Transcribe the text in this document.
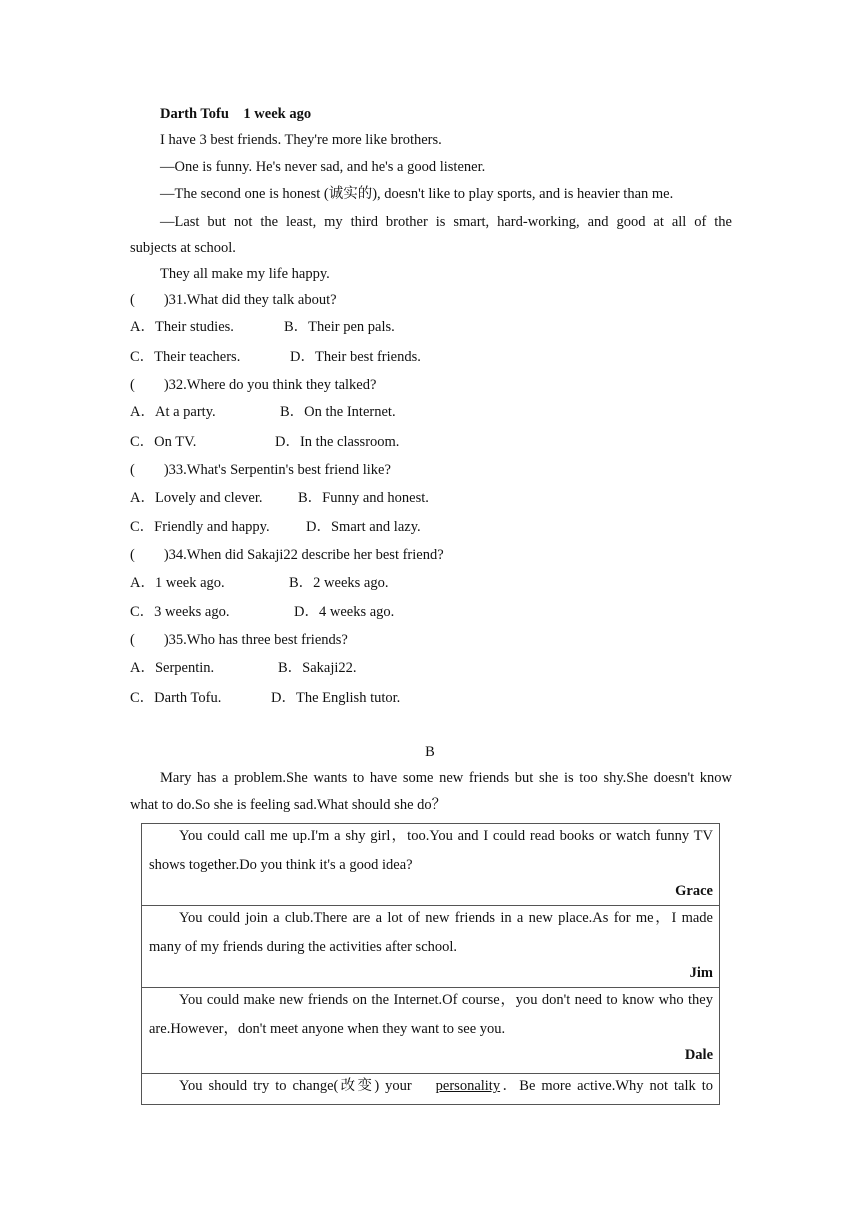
Darth Tofu 1 week ago
I have 3 best friends. They're more like brothers.
—One is funny. He's never sad, and he's a good listener.
—The second one is honest (诚实的), doesn't like to play sports, and is heavier than me.
—Last but not the least, my third brother is smart, hard-working, and good at all of the
subjects at school.
They all make my life happy.
(　　)31.What did they talk about?
A．Their studies.	B．Their pen pals.
C．Their teachers.	D．Their best friends.
(　　)32.Where do you think they talked?
A．At a party.	B．On the Internet.
C．On TV.	D．In the classroom.
(　　)33.What's Serpentin's best friend like?
A．Lovely and clever. B．Funny and honest.
C．Friendly and happy.	D．Smart and lazy.
(　　)34.When did Sakaji22 describe her best friend?
A．1 week ago.	B．2 weeks ago.
C．3 weeks ago.	D．4 weeks ago.
(　　)35.Who has three best friends?
A．Serpentin.	B．Sakaji22.
C．Darth Tofu.	D．The English tutor.
B
Mary has a problem.She wants to have some new friends but she is too shy.She doesn't know
what to do.So she is feeling sad.What should she do？
You could call me up.I'm a shy girl，too.You and I could read books or watch funny TV shows together.Do you think it's a good idea?
Grace

You could join a club.There are a lot of new friends in a new place.As for me，I made many of my friends during the activities after school.
Jim

You could make new friends on the Internet.Of course，you don't need to know who they are.However，don't meet anyone when they want to see you.
Dale

You should try to change(改变) your personality．Be more active.Why not talk to
